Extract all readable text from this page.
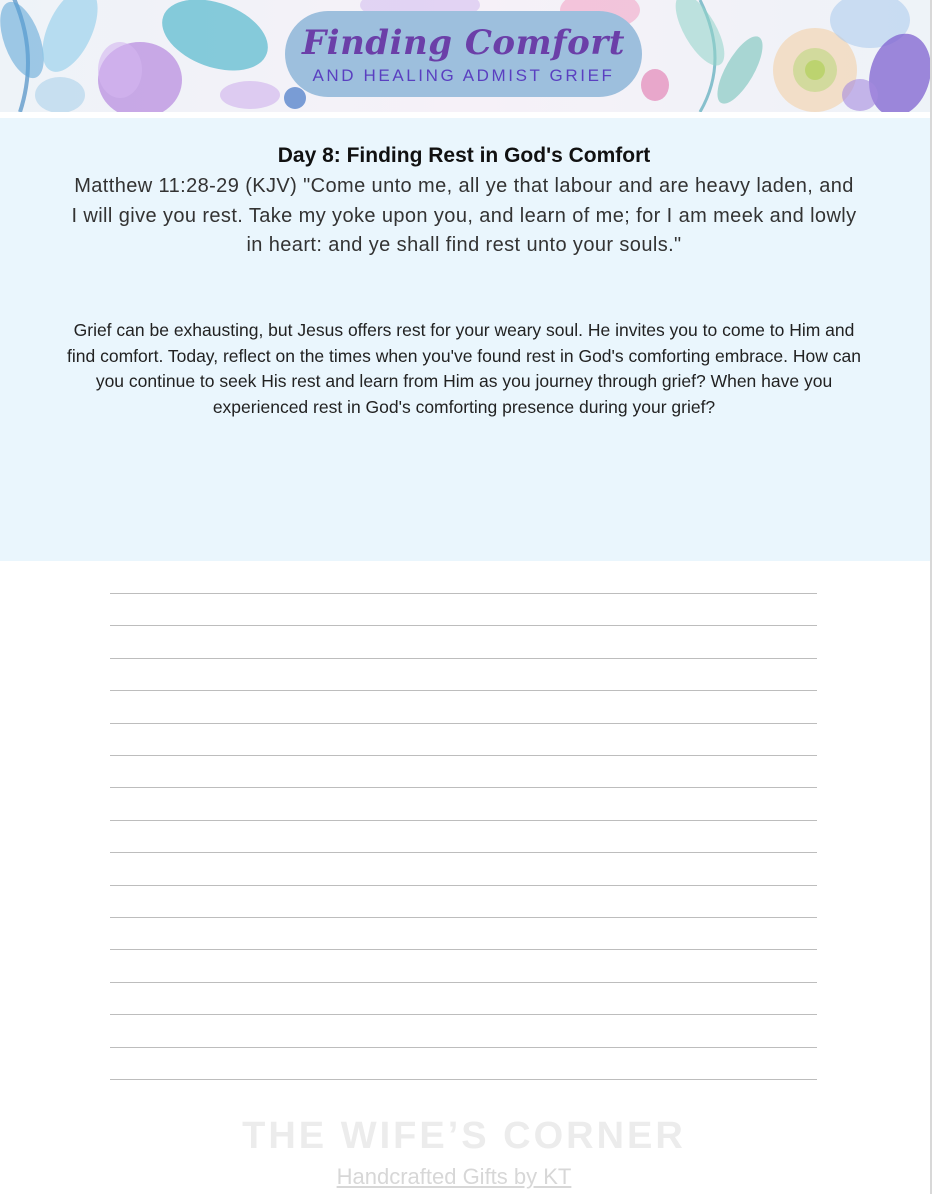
Finding Comfort
AND HEALING ADMIST GRIEF
Day 8: Finding Rest in God's Comfort
Matthew 11:28-29 (KJV) "Come unto me, all ye that labour and are heavy laden, and I will give you rest. Take my yoke upon you, and learn of me; for I am meek and lowly in heart: and ye shall find rest unto your souls."
Grief can be exhausting, but Jesus offers rest for your weary soul. He invites you to come to Him and find comfort. Today, reflect on the times when you've found rest in God's comforting embrace. How can you continue to seek His rest and learn from Him as you journey through grief? When have you experienced rest in God's comforting presence during your grief?
THE WIFE’S CORNER
Handcrafted Gifts by KT
